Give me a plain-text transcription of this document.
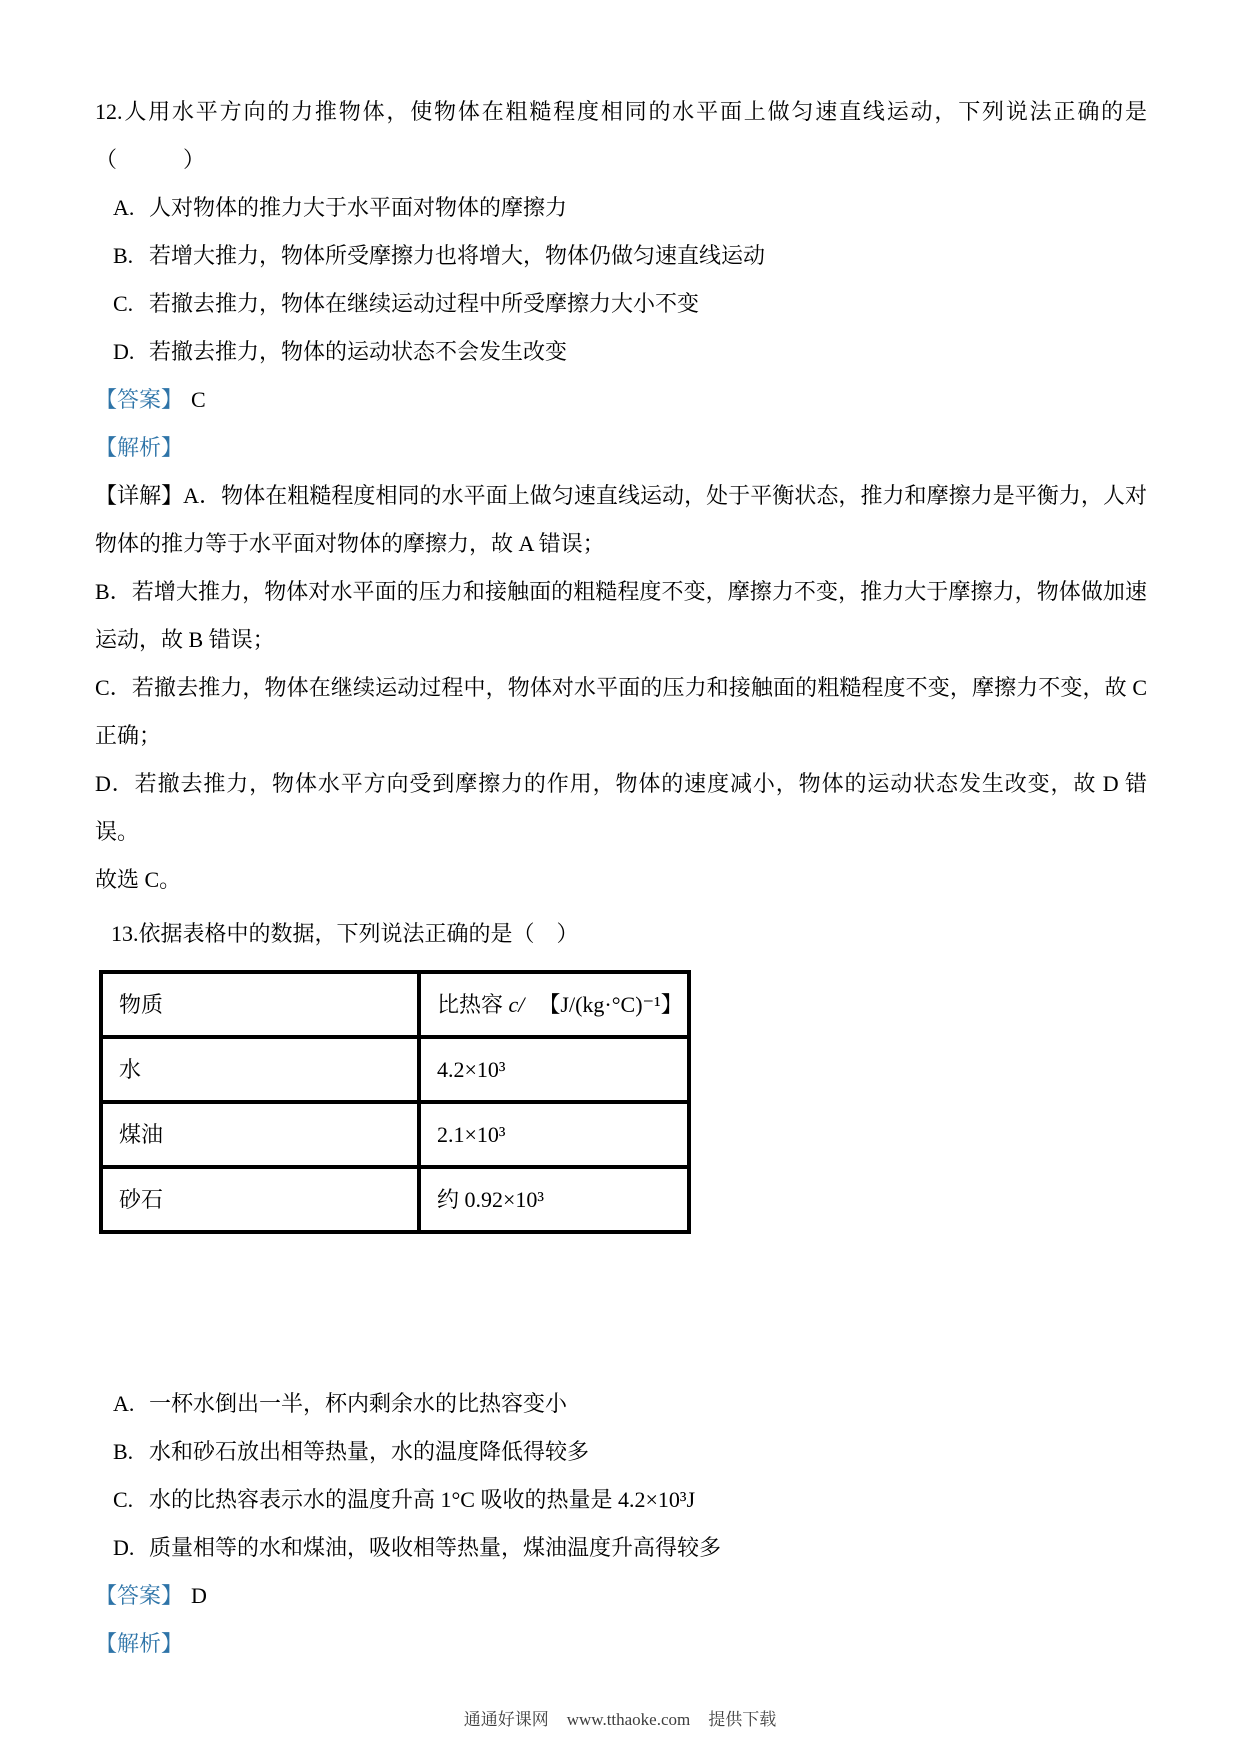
12.人用水平方向的力推物体，使物体在粗糙程度相同的水平面上做匀速直线运动，下列说法正确的是（　　　）

A. 人对物体的推力大于水平面对物体的摩擦力
B. 若增大推力，物体所受摩擦力也将增大，物体仍做匀速直线运动
C. 若撤去推力，物体在继续运动过程中所受摩擦力大小不变
D. 若撤去推力，物体的运动状态不会发生改变

【答案】 C

【解析】

【详解】A．物体在粗糙程度相同的水平面上做匀速直线运动，处于平衡状态，推力和摩擦力是平衡力，人对物体的推力等于水平面对物体的摩擦力，故 A 错误；

B．若增大推力，物体对水平面的压力和接触面的粗糙程度不变，摩擦力不变，推力大于摩擦力，物体做加速运动，故 B 错误；

C．若撤去推力，物体在继续运动过程中，物体对水平面的压力和接触面的粗糙程度不变，摩擦力不变，故 C 正确；

D．若撤去推力，物体水平方向受到摩擦力的作用，物体的速度减小，物体的运动状态发生改变，故 D 错误。

故选 C。

13.依据表格中的数据，下列说法正确的是（　）

物质	比热容 c/ 【J/(kg·°C)⁻¹】
水	4.2×10³
煤油	2.1×10³
砂石	约 0.92×10³
A. 一杯水倒出一半，杯内剩余水的比热容变小
B. 水和砂石放出相等热量，水的温度降低得较多
C. 水的比热容表示水的温度升高 1°C 吸收的热量是 4.2×10³J
D. 质量相等的水和煤油，吸收相等热量，煤油温度升高得较多

【答案】 D

【解析】

通通好课网 www.tthaoke.com 提供下载
